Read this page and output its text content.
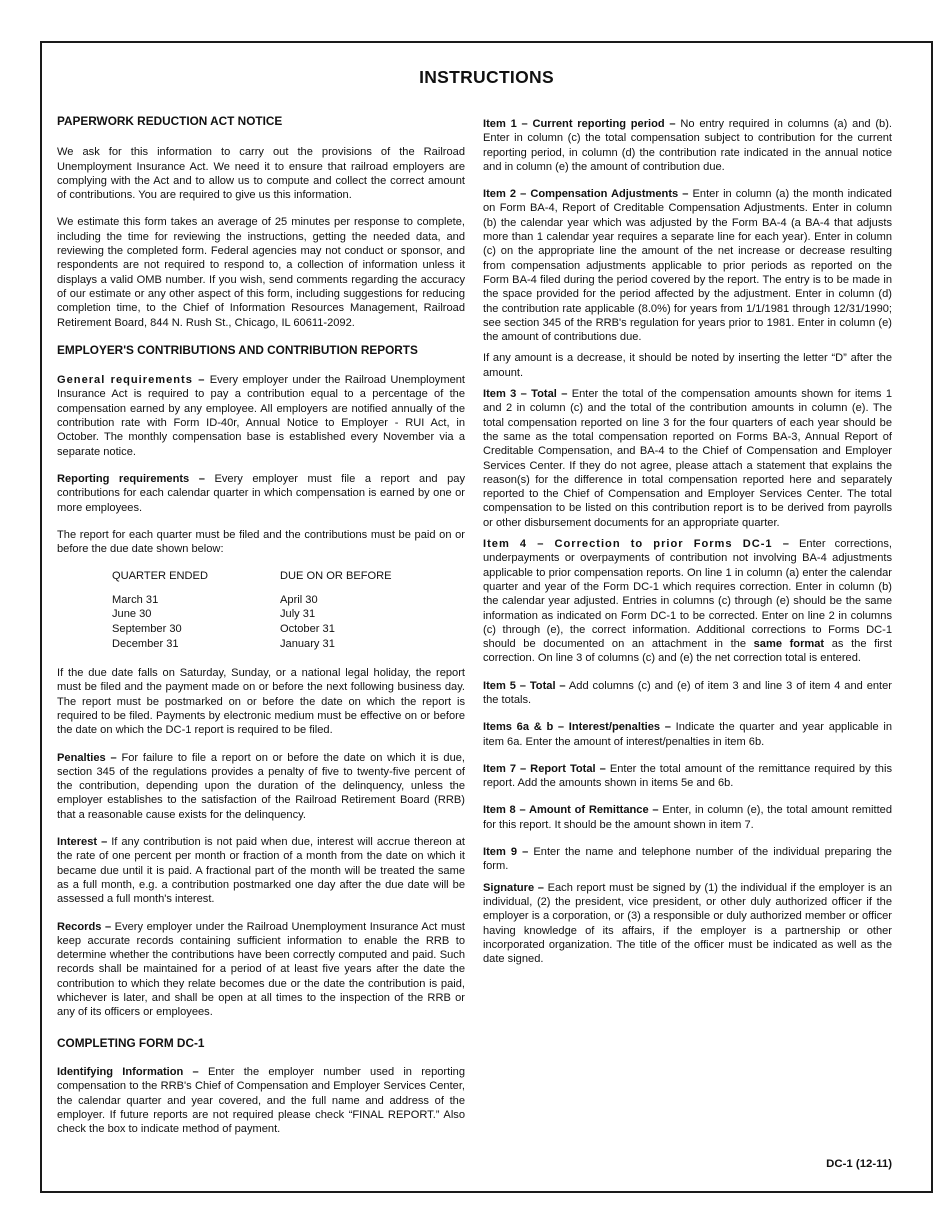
INSTRUCTIONS
PAPERWORK REDUCTION ACT NOTICE

We ask for this information to carry out the provisions of the Railroad Unemployment Insurance Act. We need it to ensure that railroad employers are complying with the Act and to allow us to compute and collect the correct amount of contributions. You are required to give us this information.

We estimate this form takes an average of 25 minutes per response to complete, including the time for reviewing the instructions, getting the needed data, and reviewing the completed form. Federal agencies may not conduct or sponsor, and respondents are not required to respond to, a collection of information unless it displays a valid OMB number. If you wish, send comments regarding the accuracy of our estimate or any other aspect of this form, including suggestions for reducing completion time, to the Chief of Information Resources Management, Railroad Retirement Board, 844 N. Rush St., Chicago, IL 60611-2092.

EMPLOYER'S CONTRIBUTIONS AND CONTRIBUTION REPORTS

General requirements – Every employer under the Railroad Unemployment Insurance Act is required to pay a contribution equal to a percentage of the compensation earned by any employee. All employers are notified annually of the contribution rate with Form ID-40r, Annual Notice to Employer - RUI Act, in October. The monthly compensation base is established every November via a separate notice.

Reporting requirements – Every employer must file a report and pay contributions for each calendar quarter in which compensation is earned by one or more employees.

The report for each quarter must be filed and the contributions must be paid on or before the due date shown below:

QUARTER ENDED	DUE ON OR BEFORE
March 31	April 30
June 30	July 31
September 30	October 31
December 31	January 31

If the due date falls on Saturday, Sunday, or a national legal holiday, the report must be filed and the payment made on or before the next following business day. The report must be postmarked on or before the date on which the report is required to be filed. Payments by electronic medium must be effective on or before the date on which the DC-1 report is required to be filed.

Penalties – For failure to file a report on or before the date on which it is due, section 345 of the regulations provides a penalty of five to twenty-five percent of the contribution, depending upon the duration of the delinquency, unless the employer establishes to the satisfaction of the Railroad Retirement Board (RRB) that a reasonable cause exists for the delinquency.

Interest – If any contribution is not paid when due, interest will accrue thereon at the rate of one percent per month or fraction of a month from the date on which it became due until it is paid. A fractional part of the month will be treated the same as a full month, e.g. a contribution postmarked one day after the due date will be assessed a full month's interest.

Records – Every employer under the Railroad Unemployment Insurance Act must keep accurate records containing sufficient information to enable the RRB to determine whether the contributions have been correctly computed and paid. Such records shall be maintained for a period of at least five years after the date the contribution to which they relate becomes due or the date the contribution is paid, whichever is later, and shall be open at all times to the inspection of the RRB or any of its officers or employees.

COMPLETING FORM DC-1

Identifying Information – Enter the employer number used in reporting compensation to the RRB's Chief of Compensation and Employer Services Center, the calendar quarter and year covered, and the full name and address of the employer. If future reports are not required please check “FINAL REPORT.” Also check the box to indicate method of payment.

Item 1 – Current reporting period – No entry required in columns (a) and (b). Enter in column (c) the total compensation subject to contribution for the current reporting period, in column (d) the contribution rate indicated in the annual notice and in column (e) the amount of contribution due.

Item 2 – Compensation Adjustments – Enter in column (a) the month indicated on Form BA-4, Report of Creditable Compensation Adjustments. Enter in column (b) the calendar year which was adjusted by the Form BA-4 (a BA-4 that adjusts more than 1 calendar year requires a separate line for each year). Enter in column (c) on the appropriate line the amount of the net increase or decrease resulting from compensation adjustments applicable to prior periods as reported on the Form BA-4 filed during the period covered by the report. The entry is to be made in the space provided for the period affected by the adjustment. Enter in column (d) the contribution rate applicable (8.0%) for years from 1/1/1981 through 12/31/1990; see section 345 of the RRB's regulation for years prior to 1981. Enter in column (e) the amount of contributions due.

If any amount is a decrease, it should be noted by inserting the letter “D” after the amount.

Item 3 – Total – Enter the total of the compensation amounts shown for items 1 and 2 in column (c) and the total of the contribution amounts in column (e). The total compensation reported on line 3 for the four quarters of each year should be the same as the total compensation reported on Forms BA-3, Annual Report of Creditable Compensation, and BA-4 to the Chief of Compensation and Employer Services Center. If they do not agree, please attach a statement that explains the reason(s) for the difference in total compensation reported here and separately reported to the Chief of Compensation and Employer Services Center. The total compensation to be listed on this contribution report is to be derived from payrolls or other disbursement documents for an appropriate quarter.

Item 4 – Correction to prior Forms DC-1 – Enter corrections, underpayments or overpayments of contribution not involving BA-4 adjustments applicable to prior compensation reports. On line 1 in column (a) enter the calendar quarter and year of the Form DC-1 which requires correction. Enter in column (b) the calendar year adjusted. Entries in columns (c) through (e) should be the same information as indicated on Form DC-1 to be corrected. Enter on line 2 in columns (c) through (e), the correct information. Additional corrections to Forms DC-1 should be documented on an attachment in the same format as the first correction. On line 3 of columns (c) and (e) the net correction total is entered.

Item 5 – Total – Add columns (c) and (e) of item 3 and line 3 of item 4 and enter the totals.

Items 6a & b – Interest/penalties – Indicate the quarter and year applicable in item 6a. Enter the amount of interest/penalties in item 6b.

Item 7 – Report Total – Enter the total amount of the remittance required by this report. Add the amounts shown in items 5e and 6b.

Item 8 – Amount of Remittance – Enter, in column (e), the total amount remitted for this report. It should be the amount shown in item 7.

Item 9 – Enter the name and telephone number of the individual preparing the form.

Signature – Each report must be signed by (1) the individual if the employer is an individual, (2) the president, vice president, or other duly authorized officer if the employer is a corporation, or (3) a responsible or duly authorized member or officer having knowledge of its affairs, if the employer is a partnership or other incorporated organization. The title of the officer must be indicated as well as the date signed.

DC-1 (12-11)
